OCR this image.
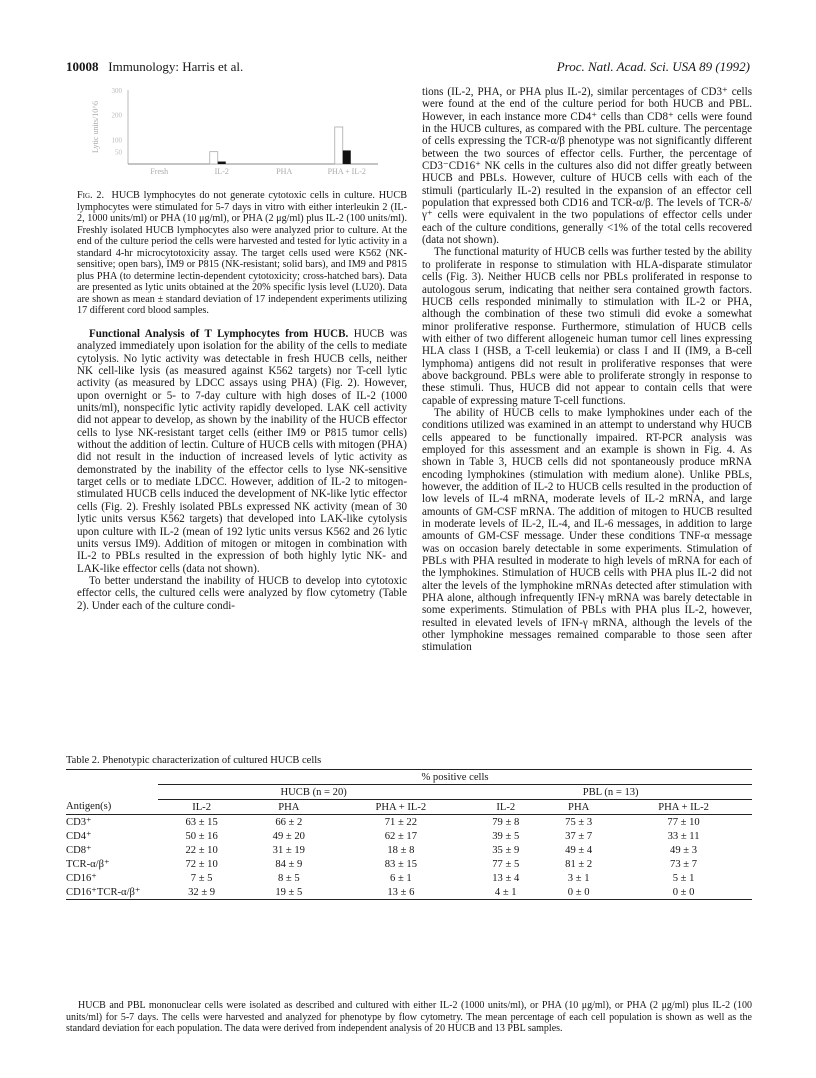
10008 Immunology: Harris et al.	Proc. Natl. Acad. Sci. USA 89 (1992)
Lytic units/10^6
300
200
100
50
Fresh	IL-2	PHA	PHA + IL-2
Fig. 2. HUCB lymphocytes do not generate cytotoxic cells in culture. HUCB lymphocytes were stimulated for 5-7 days in vitro with either interleukin 2 (IL-2, 1000 units/ml) or PHA (10 μg/ml), or PHA (2 μg/ml) plus IL-2 (100 units/ml). Freshly isolated HUCB lymphocytes also were analyzed prior to culture. At the end of the culture period the cells were harvested and tested for lytic activity in a standard 4-hr microcytotoxicity assay. The target cells used were K562 (NK-sensitive; open bars), IM9 or P815 (NK-resistant; solid bars), and IM9 and P815 plus PHA (to determine lectin-dependent cytotoxicity; cross-hatched bars). Data are presented as lytic units obtained at the 20% specific lysis level (LU20). Data are shown as mean ± standard deviation of 17 independent experiments utilizing 17 different cord blood samples.

Functional Analysis of T Lymphocytes from HUCB. HUCB was analyzed immediately upon isolation for the ability of the cells to mediate cytolysis. No lytic activity was detectable in fresh HUCB cells, neither NK cell-like lysis (as measured against K562 targets) nor T-cell lytic activity (as measured by LDCC assays using PHA) (Fig. 2). However, upon overnight or 5- to 7-day culture with high doses of IL-2 (1000 units/ml), nonspecific lytic activity rapidly developed. LAK cell activity did not appear to develop, as shown by the inability of the HUCB effector cells to lyse NK-resistant target cells (either IM9 or P815 tumor cells) without the addition of lectin. Culture of HUCB cells with mitogen (PHA) did not result in the induction of increased levels of lytic activity as demonstrated by the inability of the effector cells to lyse NK-sensitive target cells or to mediate LDCC. However, addition of IL-2 to mitogen-stimulated HUCB cells induced the development of NK-like lytic effector cells (Fig. 2). Freshly isolated PBLs expressed NK activity (mean of 30 lytic units versus K562 targets) that developed into LAK-like cytolysis upon culture with IL-2 (mean of 192 lytic units versus K562 and 26 lytic units versus IM9). Addition of mitogen or mitogen in combination with IL-2 to PBLs resulted in the expression of both highly lytic NK- and LAK-like effector cells (data not shown).

To better understand the inability of HUCB to develop into cytotoxic effector cells, the cultured cells were analyzed by flow cytometry (Table 2). Under each of the culture condi-

tions (IL-2, PHA, or PHA plus IL-2), similar percentages of CD3⁺ cells were found at the end of the culture period for both HUCB and PBL. However, in each instance more CD4⁺ cells than CD8⁺ cells were found in the HUCB cultures, as compared with the PBL culture. The percentage of cells expressing the TCR-α/β phenotype was not significantly different between the two sources of effector cells. Further, the percentage of CD3⁻CD16⁺ NK cells in the cultures also did not differ greatly between HUCB and PBLs. However, culture of HUCB cells with each of the stimuli (particularly IL-2) resulted in the expansion of an effector cell population that expressed both CD16 and TCR-α/β. The levels of TCR-δ/γ⁺ cells were equivalent in the two populations of effector cells under each of the culture conditions, generally <1% of the total cells recovered (data not shown).

The functional maturity of HUCB cells was further tested by the ability to proliferate in response to stimulation with HLA-disparate stimulator cells (Fig. 3). Neither HUCB cells nor PBLs proliferated in response to autologous serum, indicating that neither sera contained growth factors. HUCB cells responded minimally to stimulation with IL-2 or PHA, although the combination of these two stimuli did evoke a somewhat minor proliferative response. Furthermore, stimulation of HUCB cells with either of two different allogeneic human tumor cell lines expressing HLA class I (HSB, a T-cell leukemia) or class I and II (IM9, a B-cell lymphoma) antigens did not result in proliferative responses that were above background. PBLs were able to proliferate strongly in response to these stimuli. Thus, HUCB did not appear to contain cells that were capable of expressing mature T-cell functions.

The ability of HUCB cells to make lymphokines under each of the conditions utilized was examined in an attempt to understand why HUCB cells appeared to be functionally impaired. RT-PCR analysis was employed for this assessment and an example is shown in Fig. 4. As shown in Table 3, HUCB cells did not spontaneously produce mRNA encoding lymphokines (stimulation with medium alone). Unlike PBLs, however, the addition of IL-2 to HUCB cells resulted in the production of low levels of IL-4 mRNA, moderate levels of IL-2 mRNA, and large amounts of GM-CSF mRNA. The addition of mitogen to HUCB resulted in moderate levels of IL-2, IL-4, and IL-6 messages, in addition to large amounts of GM-CSF message. Under these conditions TNF-α message was on occasion barely detectable in some experiments. Stimulation of PBLs with PHA resulted in moderate to high levels of mRNA for each of the lymphokines. Stimulation of HUCB cells with PHA plus IL-2 did not alter the levels of the lymphokine mRNAs detected after stimulation with PHA alone, although infrequently IFN-γ mRNA was barely detectable in some experiments. Stimulation of PBLs with PHA plus IL-2, however, resulted in elevated levels of IFN-γ mRNA, although the levels of the other lymphokine messages remained comparable to those seen after stimulation

Table 2. Phenotypic characterization of cultured HUCB cells
	% positive cells					
	HUCB (n = 20)			PBL (n = 13)		
Antigen(s)	IL-2	PHA	PHA + IL-2	IL-2	PHA	PHA + IL-2
CD3⁺	63 ± 15	66 ± 2	71 ± 22	79 ± 8	75 ± 3	77 ± 10
CD4⁺	50 ± 16	49 ± 20	62 ± 17	39 ± 5	37 ± 7	33 ± 11
CD8⁺	22 ± 10	31 ± 19	18 ± 8	35 ± 9	49 ± 4	49 ± 3
TCR-α/β⁺	72 ± 10	84 ± 9	83 ± 15	77 ± 5	81 ± 2	73 ± 7
CD16⁺	7 ± 5	8 ± 5	6 ± 1	13 ± 4	3 ± 1	5 ± 1
CD16⁺TCR-α/β⁺	32 ± 9	19 ± 5	13 ± 6	4 ± 1	0 ± 0	0 ± 0

HUCB and PBL mononuclear cells were isolated as described and cultured with either IL-2 (1000 units/ml), or PHA (10 μg/ml), or PHA (2 μg/ml) plus IL-2 (100 units/ml) for 5-7 days. The cells were harvested and analyzed for phenotype by flow cytometry. The mean percentage of each cell population is shown as well as the standard deviation for each population. The data were derived from independent analysis of 20 HUCB and 13 PBL samples.
